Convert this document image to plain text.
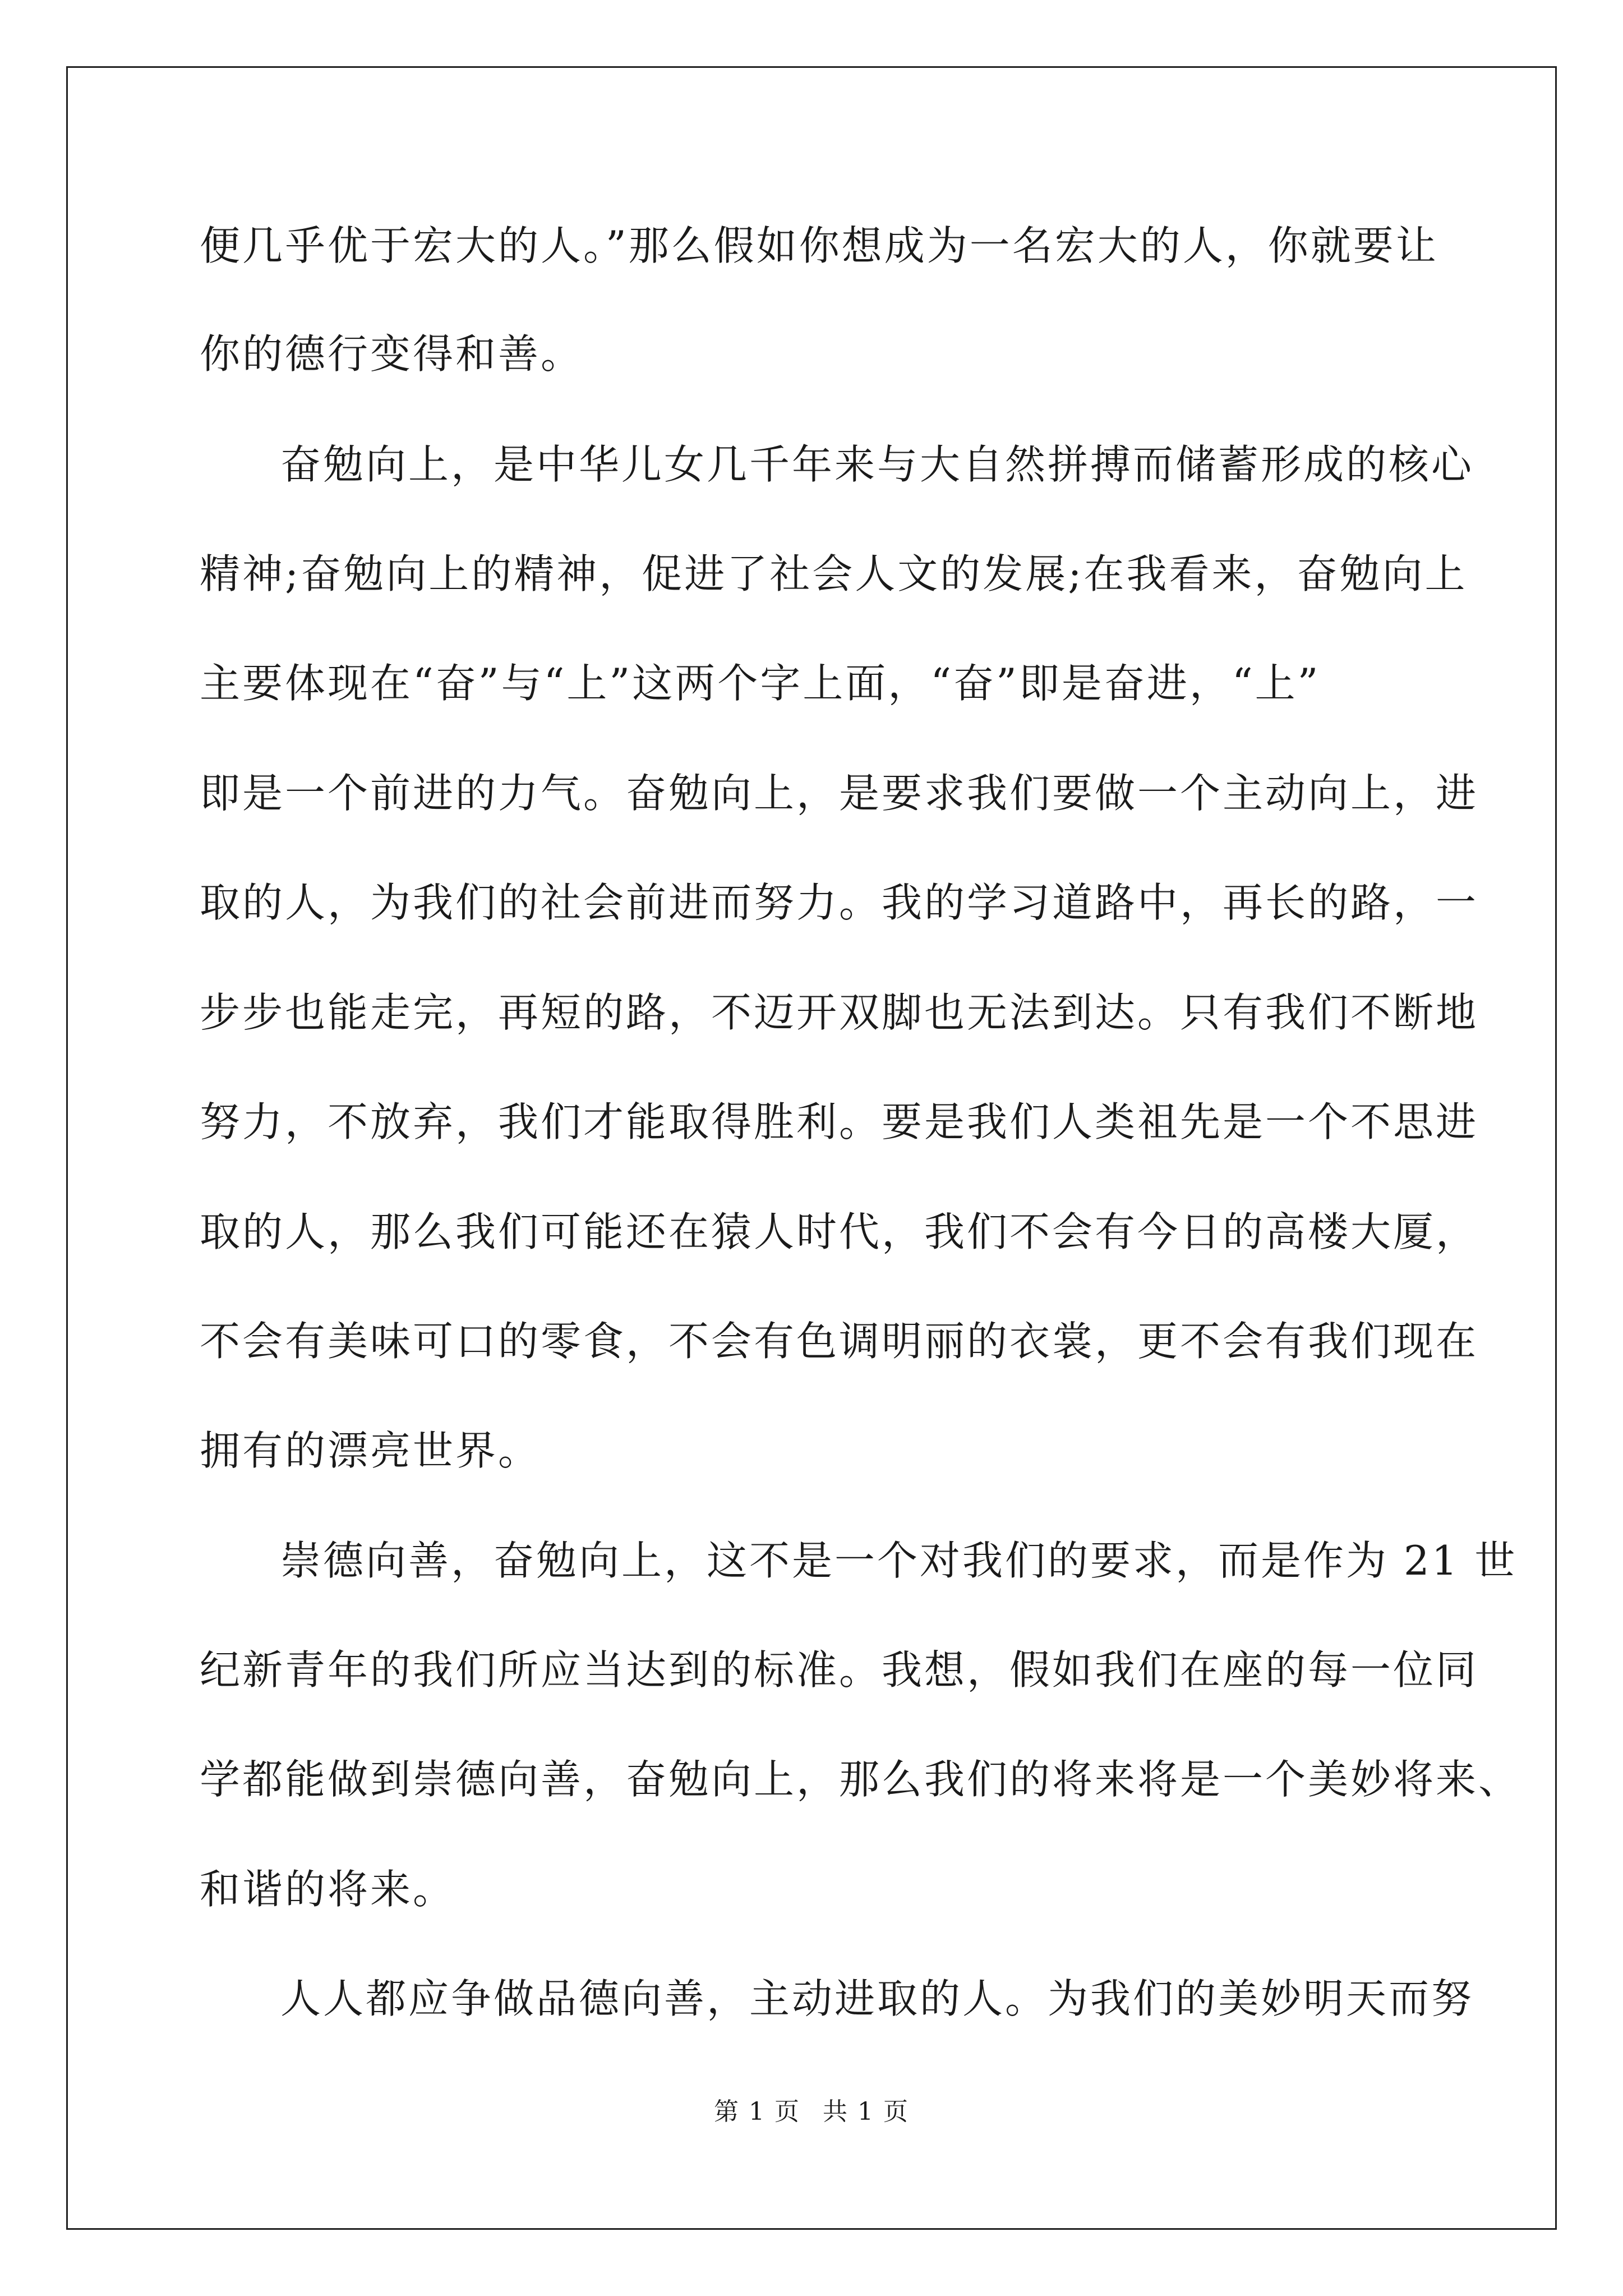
便几乎优于宏大的人。”那么假如你想成为一名宏大的人，你就要让
你的德行变得和善。
奋勉向上，是中华儿女几千年来与大自然拼搏而储蓄形成的核心
精神;奋勉向上的精神，促进了社会人文的发展;在我看来，奋勉向上
主要体现在“奋”与“上”这两个字上面，“奋”即是奋进，“上”
即是一个前进的力气。奋勉向上，是要求我们要做一个主动向上，进
取的人，为我们的社会前进而努力。我的学习道路中，再长的路，一
步步也能走完，再短的路，不迈开双脚也无法到达。只有我们不断地
努力，不放弃，我们才能取得胜利。要是我们人类祖先是一个不思进
取的人，那么我们可能还在猿人时代，我们不会有今日的高楼大厦，
不会有美味可口的零食，不会有色调明丽的衣裳，更不会有我们现在
拥有的漂亮世界。
崇德向善，奋勉向上，这不是一个对我们的要求，而是作为 21 世
纪新青年的我们所应当达到的标准。我想，假如我们在座的每一位同
学都能做到崇德向善，奋勉向上，那么我们的将来将是一个美妙将来、
和谐的将来。
人人都应争做品德向善，主动进取的人。为我们的美妙明天而努
第 1 页 共 1 页
